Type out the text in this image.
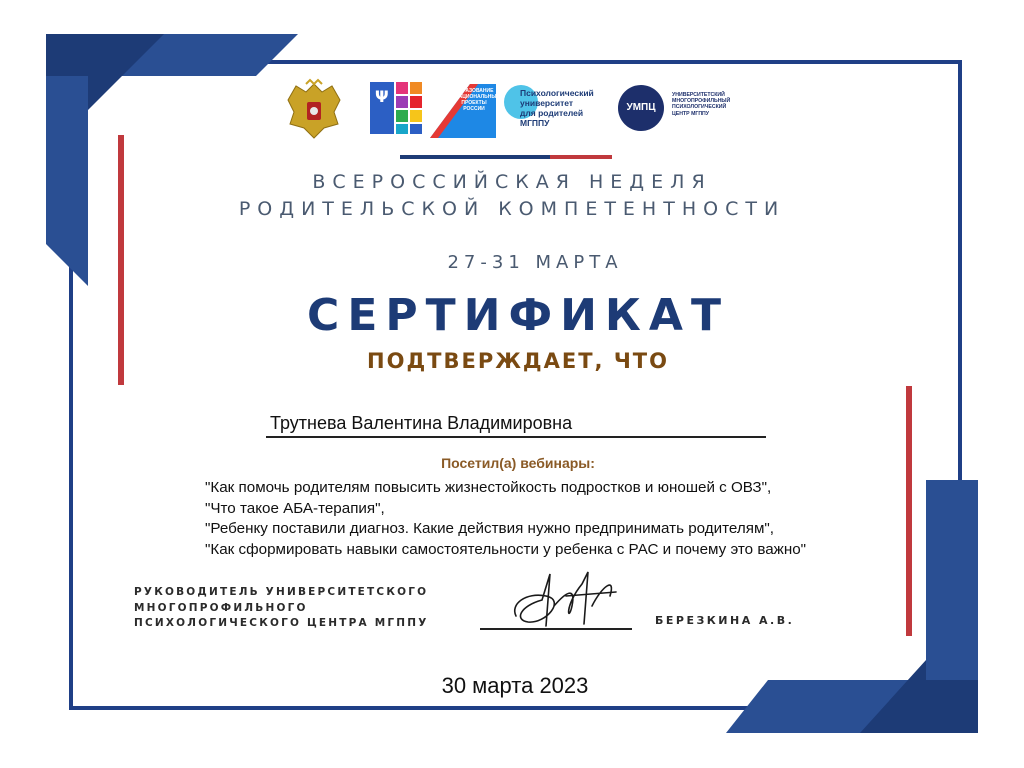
Ψ	ОБРАЗОВАНИЕ
НАЦИОНАЛЬНЫЕ
ПРОЕКТЫ
РОССИИ
Психологический
университет
для родителей
МГППУ
УМПЦ
УНИВЕРСИТЕТСКИЙ
МНОГОПРОФИЛЬНЫЙ
ПСИХОЛОГИЧЕСКИЙ
ЦЕНТР МГППУ
ВСЕРОССИЙСКАЯ НЕДЕЛЯ
РОДИТЕЛЬСКОЙ КОМПЕТЕНТНОСТИ
27-31 МАРТА
СЕРТИФИКАТ
ПОДТВЕРЖДАЕТ, ЧТО
Трутнева Валентина Владимировна
Посетил(а) вебинары:
"Как помочь родителям повысить жизнестойкость подростков и юношей с ОВЗ",
"Что такое АБА-терапия",
"Ребенку поставили диагноз. Какие действия нужно предпринимать родителям",
"Как сформировать навыки самостоятельности у ребенка с РАС и почему это важно"
РУКОВОДИТЕЛЬ УНИВЕРСИТЕТСКОГО
МНОГОПРОФИЛЬНОГО
ПСИХОЛОГИЧЕСКОГО ЦЕНТРА МГППУ	БЕРЕЗКИНА А.В.
30 марта 2023
